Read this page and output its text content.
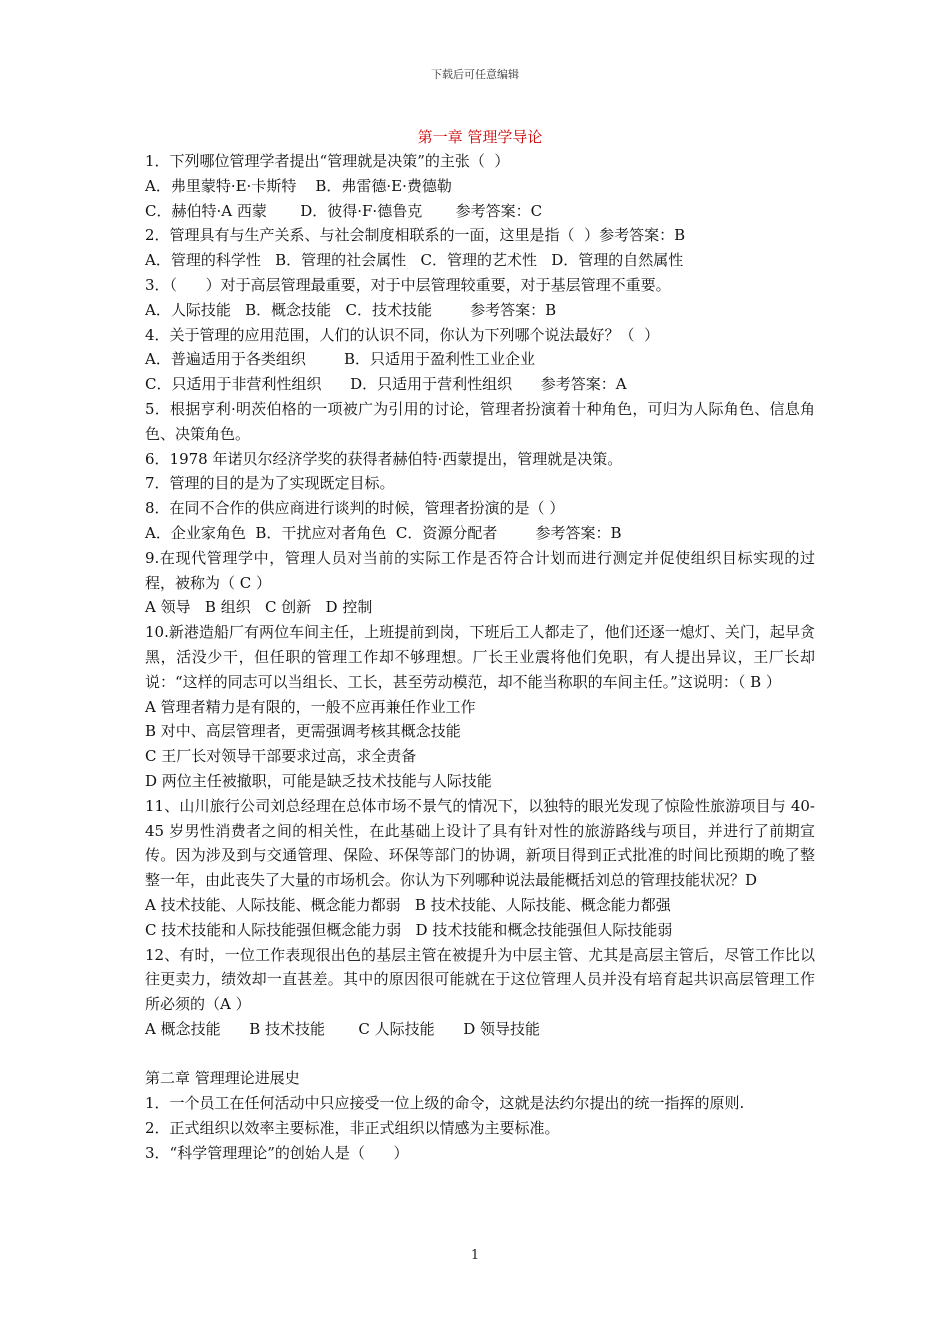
下载后可任意编辑
第一章 管理学导论
1．下列哪位管理学者提出“管理就是决策”的主张（  ）
A．弗里蒙特·E·卡斯特    B．弗雷德·E·费德勒
C．赫伯特·A 西蒙       D．彼得·F·德鲁克       参考答案：C
2．管理具有与生产关系、与社会制度相联系的一面，这里是指（  ）参考答案：B
A．管理的科学性   B．管理的社会属性   C．管理的艺术性   D．管理的自然属性
3．（      ）对于高层管理最重要，对于中层管理较重要，对于基层管理不重要。
A．人际技能   B．概念技能   C．技术技能        参考答案：B
4．关于管理的应用范围，人们的认识不同，你认为下列哪个说法最好？（  ）
A．普遍适用于各类组织        B．只适用于盈利性工业企业
C．只适用于非营利性组织      D．只适用于营利性组织      参考答案：A
5．根据亨利·明茨伯格的一项被广为引用的讨论，管理者扮演着十种角色，可归为人际角色、信息角色、决策角色。
6．1978 年诺贝尔经济学奖的获得者赫伯特·西蒙提出，管理就是决策。
7．管理的目的是为了实现既定目标。
8．在同不合作的供应商进行谈判的时候，管理者扮演的是（ ）
A．企业家角色  B．干扰应对者角色  C．资源分配者        参考答案：B
9.在现代管理学中，管理人员对当前的实际工作是否符合计划而进行测定并促使组织目标实现的过程，被称为（ C ）
A 领导   B 组织   C 创新   D 控制
10.新港造船厂有两位车间主任，上班提前到岗，下班后工人都走了，他们还逐一熄灯、关门，起早贪黑，活没少干，但任职的管理工作却不够理想。厂长王业震将他们免职，有人提出异议，王厂长却说：“这样的同志可以当组长、工长，甚至劳动模范，却不能当称职的车间主任。”这说明：（ B ）
A 管理者精力是有限的，一般不应再兼任作业工作
B 对中、高层管理者，更需强调考核其概念技能
C 王厂长对领导干部要求过高，求全责备
D 两位主任被撤职，可能是缺乏技术技能与人际技能
11、山川旅行公司刘总经理在总体市场不景气的情况下，以独特的眼光发现了惊险性旅游项目与 40-45 岁男性消费者之间的相关性，在此基础上设计了具有针对性的旅游路线与项目，并进行了前期宣传。因为涉及到与交通管理、保险、环保等部门的协调，新项目得到正式批准的时间比预期的晚了整整一年，由此丧失了大量的市场机会。你认为下列哪种说法最能概括刘总的管理技能状况？D
A 技术技能、人际技能、概念能力都弱   B 技术技能、人际技能、概念能力都强
C 技术技能和人际技能强但概念能力弱   D 技术技能和概念技能强但人际技能弱
12、有时，一位工作表现很出色的基层主管在被提升为中层主管、尤其是高层主管后，尽管工作比以往更卖力，绩效却一直甚差。其中的原因很可能就在于这位管理人员并没有培育起共识高层管理工作所必须的（A ）
A 概念技能      B 技术技能       C 人际技能      D 领导技能
第二章 管理理论进展史
1．一个员工在任何活动中只应接受一位上级的命令，这就是法约尔提出的统一指挥的原则.
2．正式组织以效率主要标准，非正式组织以情感为主要标准。
3．“科学管理理论”的创始人是（      ）
1
